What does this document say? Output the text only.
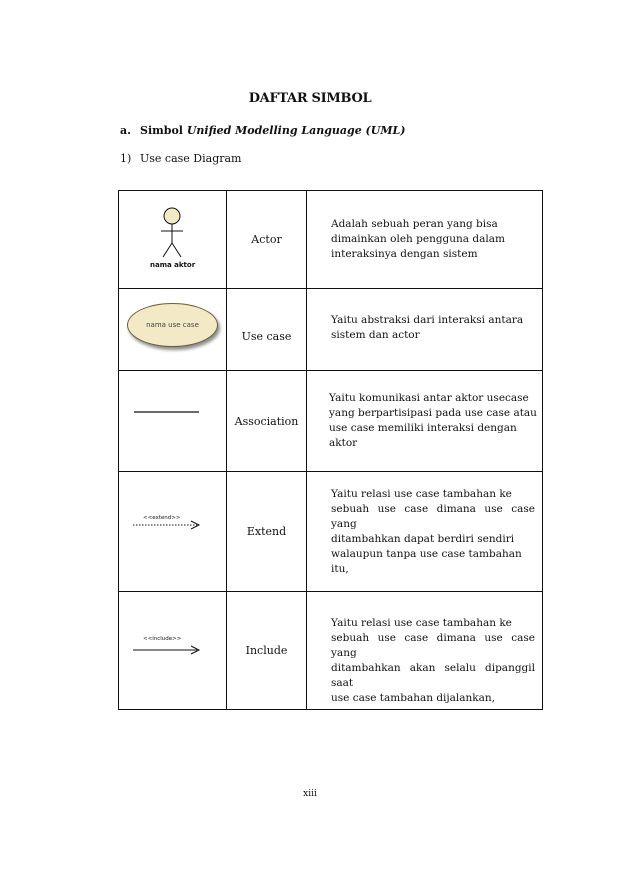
DAFTAR SIMBOL
a. Simbol Unified Modelling Language (UML)
1) Use case Diagram
nama aktor	Actor	Adalah sebuah peran yang bisa
dimainkan oleh pengguna dalam
interaksinya dengan sistem

nama use case	Use case	Yaitu abstraksi dari interaksi antara
sistem dan actor

	Association	Yaitu komunikasi antar aktor usecase
yang berpartisipasi pada use case atau
use case memiliki interaksi dengan aktor

<<extend>>	Extend	Yaitu relasi use case tambahan ke
sebuah use case dimana use case yang
ditambahkan dapat berdiri sendiri
walaupun tanpa use case tambahan itu,

<<include>>	Include	Yaitu relasi use case tambahan ke
sebuah use case dimana use case yang
ditambahkan akan selalu dipanggil saat
use case tambahan dijalankan,
xiii
